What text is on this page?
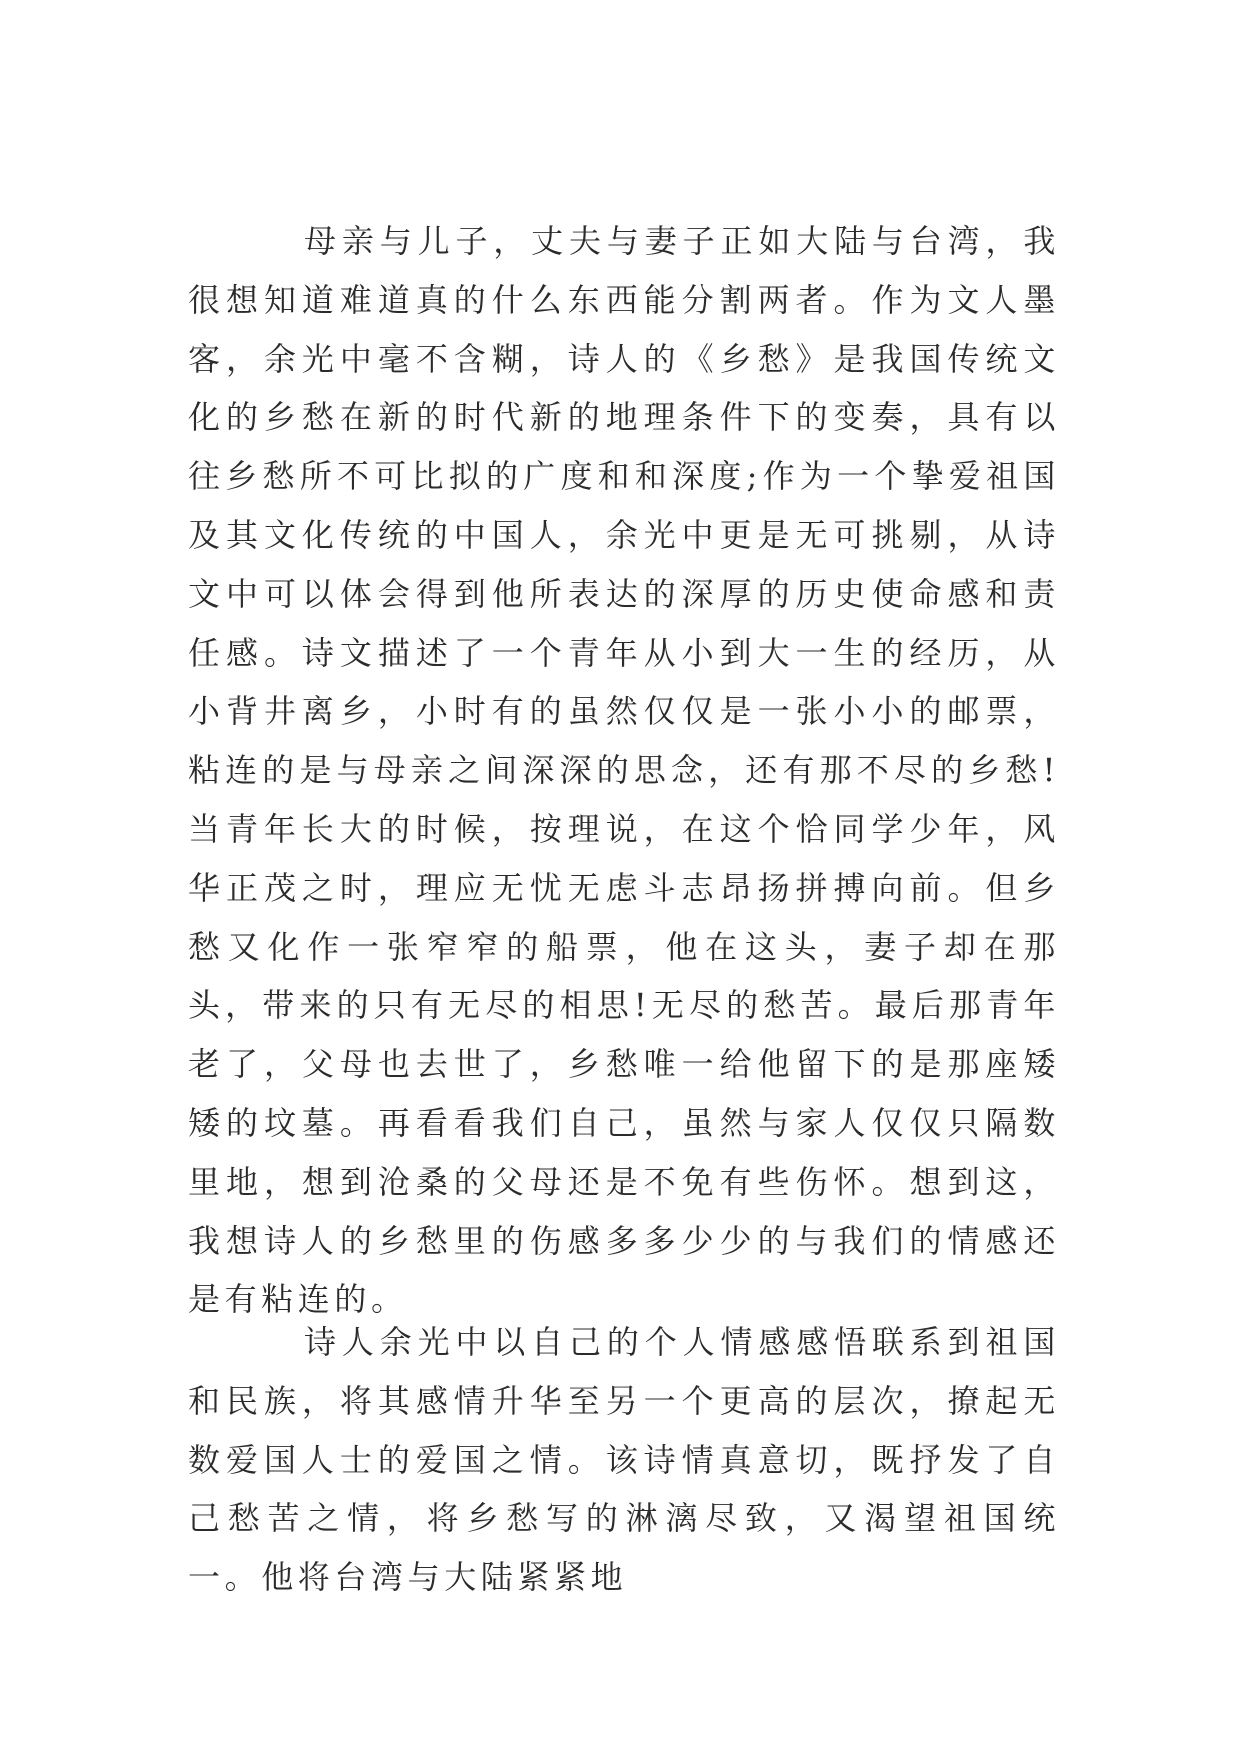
母亲与儿子，丈夫与妻子正如大陆与台湾，我很想知道难道真的什么东西能分割两者。作为文人墨客，余光中毫不含糊，诗人的《乡愁》是我国传统文化的乡愁在新的时代新的地理条件下的变奏，具有以往乡愁所不可比拟的广度和和深度;作为一个挚爱祖国及其文化传统的中国人，余光中更是无可挑剔，从诗文中可以体会得到他所表达的深厚的历史使命感和责任感。诗文描述了一个青年从小到大一生的经历，从小背井离乡，小时有的虽然仅仅是一张小小的邮票，粘连的是与母亲之间深深的思念，还有那不尽的乡愁!当青年长大的时候，按理说，在这个恰同学少年，风华正茂之时，理应无忧无虑斗志昂扬拼搏向前。但乡愁又化作一张窄窄的船票，他在这头，妻子却在那头，带来的只有无尽的相思!无尽的愁苦。最后那青年老了，父母也去世了，乡愁唯一给他留下的是那座矮矮的坟墓。再看看我们自己，虽然与家人仅仅只隔数里地，想到沧桑的父母还是不免有些伤怀。想到这，我想诗人的乡愁里的伤感多多少少的与我们的情感还是有粘连的。

诗人余光中以自己的个人情感感悟联系到祖国和民族，将其感情升华至另一个更高的层次，撩起无数爱国人士的爱国之情。该诗情真意切，既抒发了自己愁苦之情，将乡愁写的淋漓尽致，又渴望祖国统一。他将台湾与大陆紧紧地
